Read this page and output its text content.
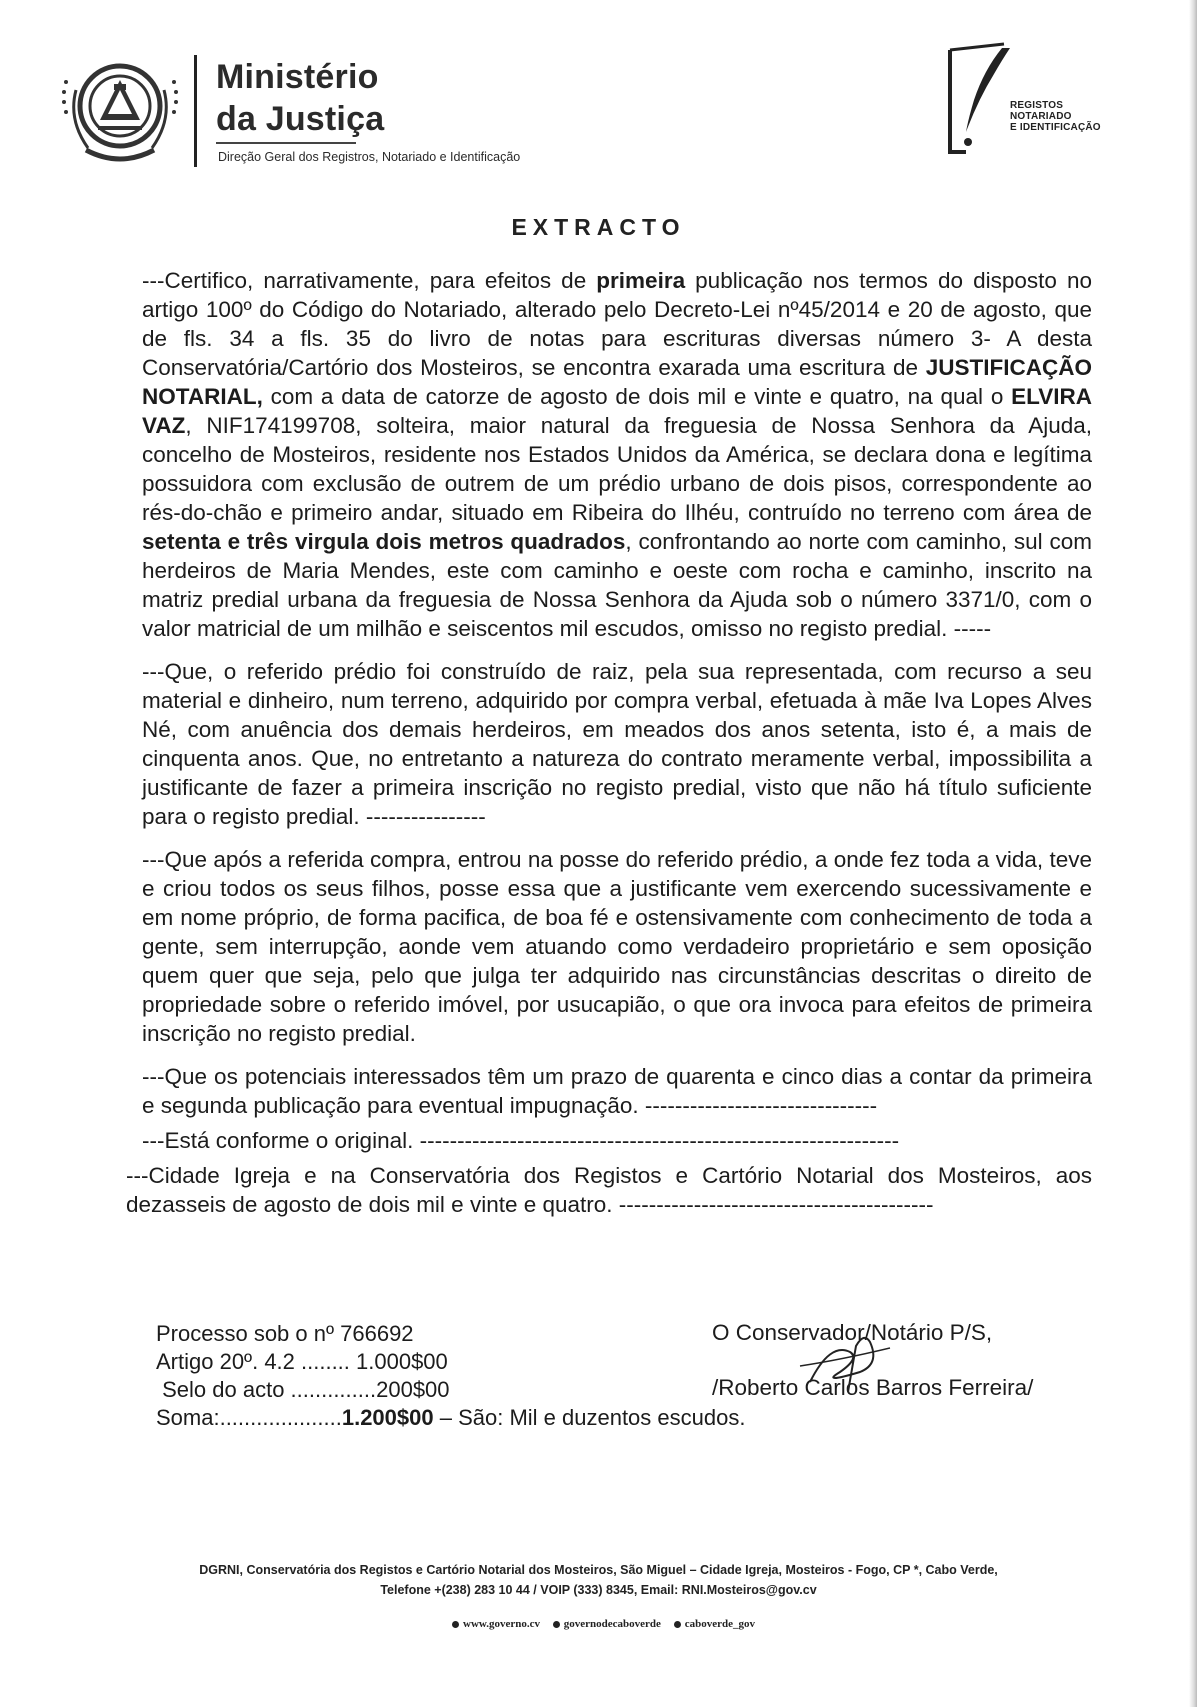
Ministério
da Justiça
Direção Geral dos Registros, Notariado e Identificação
REGISTOS
NOTARIADO
E IDENTIFICAÇÃO
EXTRACTO

---Certifico, narrativamente, para efeitos de primeira publicação nos termos do disposto no artigo 100º do Código do Notariado, alterado pelo Decreto-Lei nº45/2014 e 20 de agosto, que de fls. 34 a fls. 35 do livro de notas para escrituras diversas número 3- A desta Conservatória/Cartório dos Mosteiros, se encontra exarada uma escritura de JUSTIFICAÇÃO NOTARIAL, com a data de catorze de agosto de dois mil e vinte e quatro, na qual o ELVIRA VAZ, NIF174199708, solteira, maior natural da freguesia de Nossa Senhora da Ajuda, concelho de Mosteiros, residente nos Estados Unidos da América, se declara dona e legítima possuidora com exclusão de outrem de um prédio urbano de dois pisos, correspondente ao rés-do-chão e primeiro andar, situado em Ribeira do Ilhéu, contruído no terreno com área de setenta e três virgula dois metros quadrados, confrontando ao norte com caminho, sul com herdeiros de Maria Mendes, este com caminho e oeste com rocha e caminho, inscrito na matriz predial urbana da freguesia de Nossa Senhora da Ajuda sob o número 3371/0, com o valor matricial de um milhão e seiscentos mil escudos, omisso no registo predial. -----

---Que, o referido prédio foi construído de raiz, pela sua representada, com recurso a seu material e dinheiro, num terreno, adquirido por compra verbal, efetuada à mãe Iva Lopes Alves Né, com anuência dos demais herdeiros, em meados dos anos setenta, isto é, a mais de cinquenta anos. Que, no entretanto a natureza do contrato meramente verbal, impossibilita a justificante de fazer a primeira inscrição no registo predial, visto que não há título suficiente para o registo predial. ----------------

---Que após a referida compra, entrou na posse do referido prédio, a onde fez toda a vida, teve e criou todos os seus filhos, posse essa que a justificante vem exercendo sucessivamente e em nome próprio, de forma pacifica, de boa fé e ostensivamente com conhecimento de toda a gente, sem interrupção, aonde vem atuando como verdadeiro proprietário e sem oposição quem quer que seja, pelo que julga ter adquirido nas circunstâncias descritas o direito de propriedade sobre o referido imóvel, por usucapião, o que ora invoca para efeitos de primeira inscrição no registo predial.

---Que os potenciais interessados têm um prazo de quarenta e cinco dias a contar da primeira e segunda publicação para eventual impugnação. -------------------------------

---Está conforme o original. ----------------------------------------------------------------

---Cidade Igreja e na Conservatória dos Registos e Cartório Notarial dos Mosteiros, aos dezasseis de agosto de dois mil e vinte e quatro. ------------------------------------------

Processo sob o nº 766692
Artigo 20º. 4.2 ........ 1.000$00
Selo do acto ..............200$00
Soma:....................1.200$00 – São: Mil e duzentos escudos.
O Conservador/Notário P/S,
/Roberto Carlos Barros Ferreira/
DGRNI, Conservatória dos Registos e Cartório Notarial dos Mosteiros, São Miguel – Cidade Igreja, Mosteiros - Fogo, CP *, Cabo Verde,
Telefone +(238) 283 10 44 / VOIP (333) 8345, Email: RNI.Mosteiros@gov.cv
www.governo.cv governodecaboverde caboverde_gov
